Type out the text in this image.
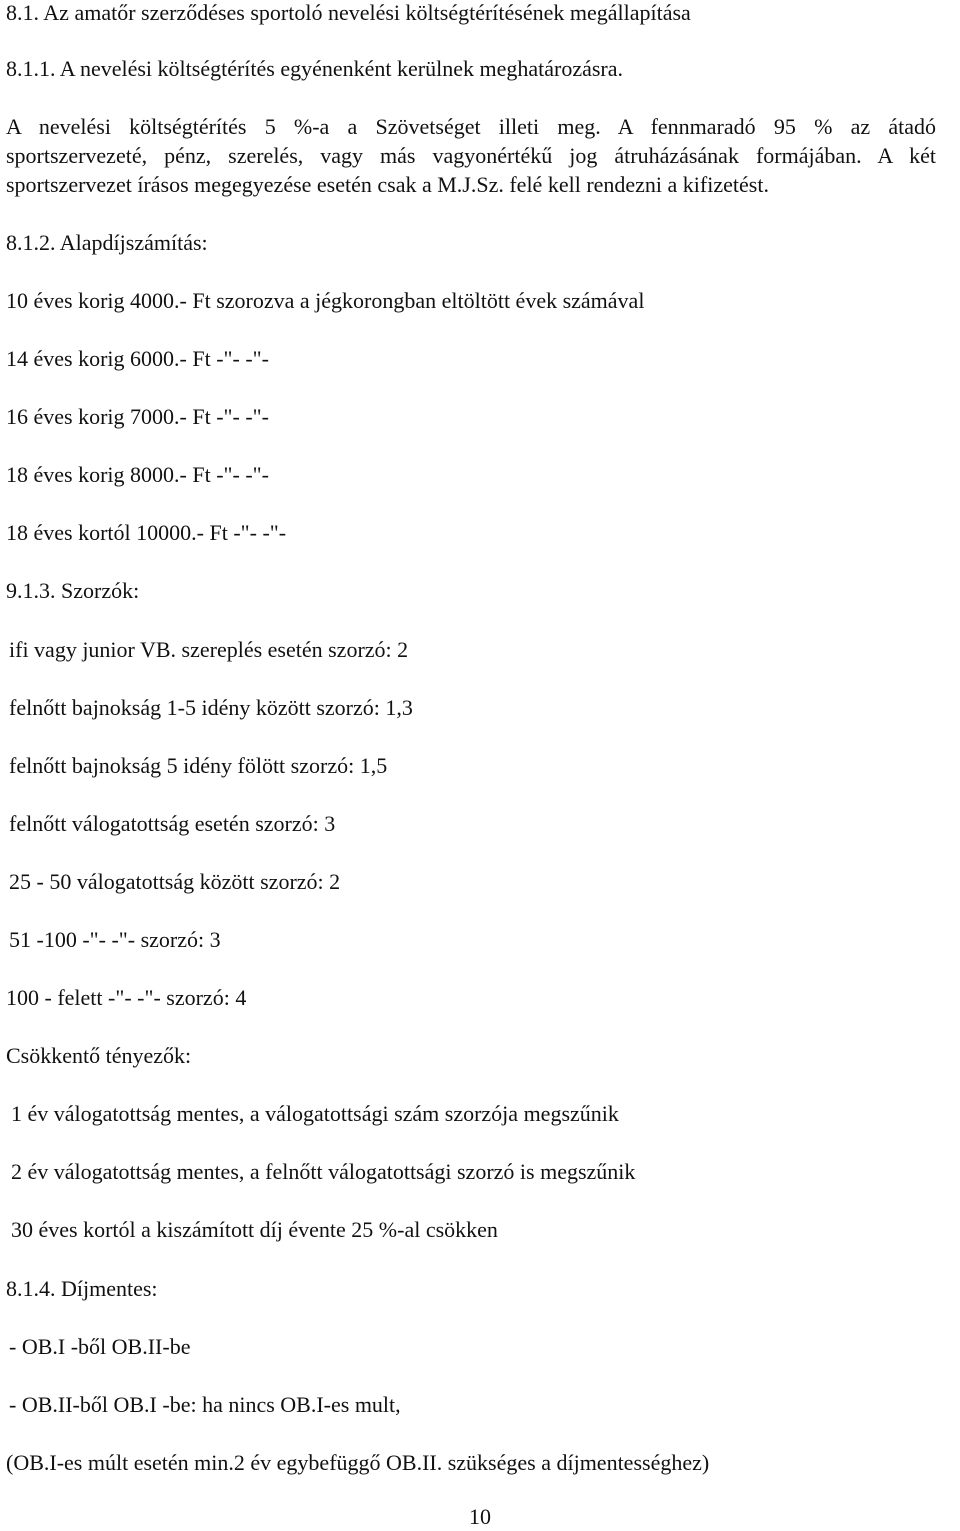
8.1. Az amatőr szerződéses sportoló nevelési költségtérítésének megállapítása
8.1.1. A nevelési költségtérítés egyénenként kerülnek meghatározásra.
A nevelési költségtérítés 5 %-a a Szövetséget illeti meg. A fennmaradó 95 % az átadó
sportszervezeté, pénz, szerelés, vagy más vagyonértékű jog átruházásának formájában. A két
sportszervezet írásos megegyezése esetén csak a M.J.Sz. felé kell rendezni a kifizetést.
8.1.2. Alapdíjszámítás:
10 éves korig 4000.- Ft szorozva a jégkorongban eltöltött évek számával
14 éves korig 6000.- Ft -"- -"-
16 éves korig 7000.- Ft -"- -"-
18 éves korig 8000.- Ft -"- -"-
18 éves kortól 10000.- Ft -"- -"-
9.1.3. Szorzók:
ifi vagy junior VB. szereplés esetén szorzó: 2
felnőtt bajnokság 1-5 idény között szorzó: 1,3
felnőtt bajnokság 5 idény fölött szorzó: 1,5
felnőtt válogatottság esetén szorzó: 3
25 - 50 válogatottság között szorzó: 2
51 -100 -"- -"- szorzó: 3
100 - felett -"- -"- szorzó: 4
Csökkentő tényezők:
1 év válogatottság mentes, a válogatottsági szám szorzója megszűnik
2 év válogatottság mentes, a felnőtt válogatottsági szorzó is megszűnik
30 éves kortól a kiszámított díj évente 25 %-al csökken
8.1.4. Díjmentes:
- OB.I -ből OB.II-be
- OB.II-ből OB.I -be: ha nincs OB.I-es mult,
(OB.I-es múlt esetén min.2 év egybefüggő OB.II. szükséges a díjmentességhez)
10
